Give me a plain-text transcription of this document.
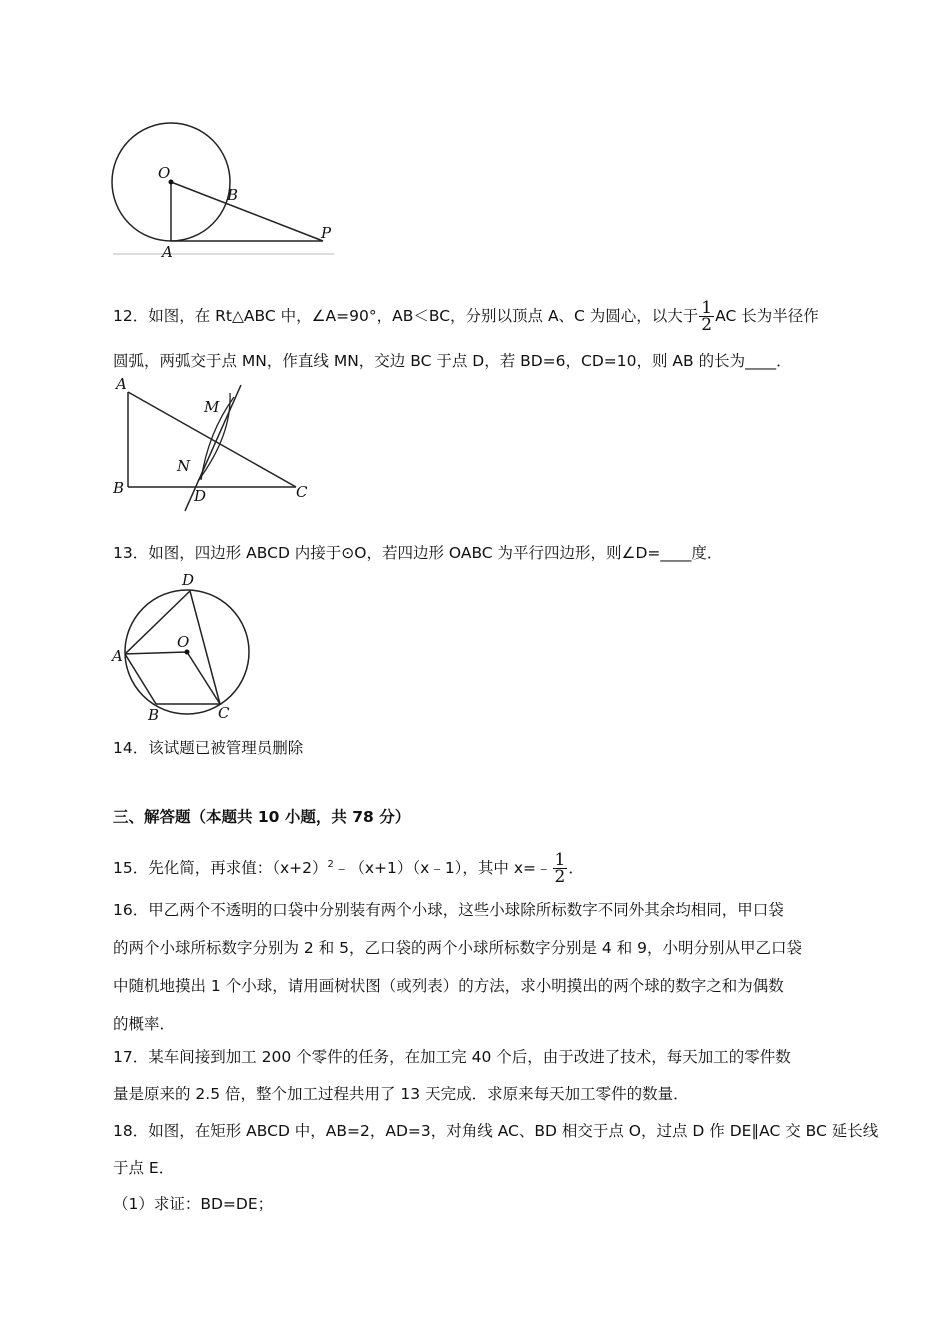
O
B
A
P
12．如图，在 Rt△ABC 中，∠A=90°，AB＜BC，分别以顶点 A、C 为圆心，以大于 $\frac{1}{2}$ AC 长为半径作
圆弧，两弧交于点 MN，作直线 MN，交边 BC 于点 D，若 BD=6，CD=10，则 AB 的长为____．
A
B	C
M
N
D
13．如图，四边形 ABCD 内接于⊙O，若四边形 OABC 为平行四边形，则∠D=____度．
D
O
A
B	C
14．该试题已被管理员删除
三、解答题（本题共 10 小题，共 78 分）
15．先化简，再求值：$(x+2)^2﹣(x+1)(x﹣1)$，其中 x=﹣ $\frac{1}{2}$ ．
16．甲乙两个不透明的口袋中分别装有两个小球，这些小球除所标数字不同外其余均相同，甲口袋
的两个小球所标数字分别为 2 和 5，乙口袋的两个小球所标数字分别是 4 和 9，小明分别从甲乙口袋
中随机地摸出 1 个小球，请用画树状图（或列表）的方法，求小明摸出的两个球的数字之和为偶数
的概率．
17．某车间接到加工 200 个零件的任务，在加工完 40 个后，由于改进了技术，每天加工的零件数
量是原来的 2.5 倍，整个加工过程共用了 13 天完成．求原来每天加工零件的数量．
18．如图，在矩形 ABCD 中，AB=2，AD=3，对角线 AC、BD 相交于点 O，过点 D 作 DE∥AC 交 BC 延长线
于点 E．
（1）求证：BD=DE；
